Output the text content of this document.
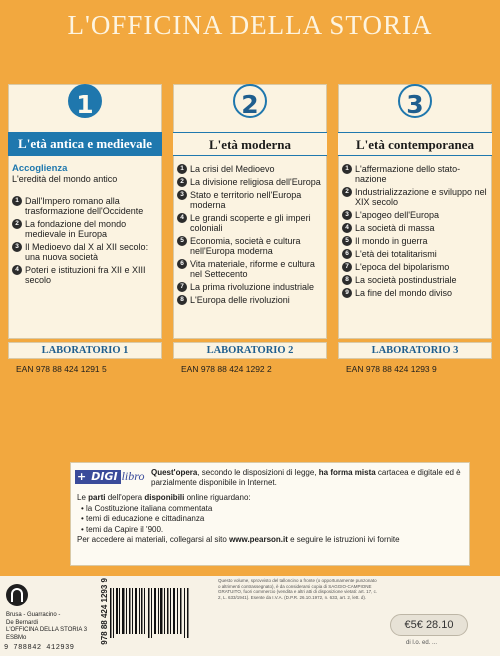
L'OFFICINA DELLA STORIA
1
L'età antica e medievale
Accoglienza
L'eredità del mondo antico
1 Dall'Impero romano alla trasformazione dell'Occidente
2 La fondazione del mondo medievale in Europa
3 Il Medioevo dal X al XII secolo: una nuova società
4 Poteri e istituzioni fra XII e XIII secolo
LABORATORIO 1
EAN 978 88 424 1291 5
2
L'età moderna
1 La crisi del Medioevo
2 La divisione religiosa dell'Europa
3 Stato e territorio nell'Europa moderna
4 Le grandi scoperte e gli imperi coloniali
5 Economia, società e cultura nell'Europa moderna
6 Vita materiale, riforme e cultura nel Settecento
7 La prima rivoluzione industriale
8 L'Europa delle rivoluzioni
LABORATORIO 2
EAN 978 88 424 1292 2
3
L'età contemporanea
1 L'affermazione dello stato-nazione
2 Industrializzazione e sviluppo nel XIX secolo
3 L'apogeo dell'Europa
4 La società di massa
5 Il mondo in guerra
6 L'età dei totalitarismi
7 L'epoca del bipolarismo
8 La società postindustriale
9 La fine del mondo diviso
LABORATORIO 3
EAN 978 88 424 1293 9
+ DIGI libro Quest'opera, secondo le disposizioni di legge, ha forma mista cartacea e digitale ed è parzialmente disponibile in Internet.
Le parti dell'opera disponibili online riguardano:
• la Costituzione italiana commentata
• temi di educazione e cittadinanza
• temi da Capire il '900.
Per accedere ai materiali, collegarsi al sito www.pearson.it e seguire le istruzioni ivi fornite
Brusa - Guarracino -
De Bernardi
L'OFFICINA DELLA STORIA 3
ESBMo	978 88 424 1293 9
9 788842 412939
Questo volume, sprovvisto del talloncino a fronte (o opportunamente punzonato o altrimenti contrassegnato), è da considerarsi copia di SAGGIO-CAMPIONE GRATUITO, fuori commercio (vendita e altri atti di disposizione vietati: art. 17, c. 2, L. 633/1941). Esente da I.V.A. (D.P.R. 26.10.1972, n. 633, art. 2, lett. d).
€5€ 28.10
di l.o. ed. ...
